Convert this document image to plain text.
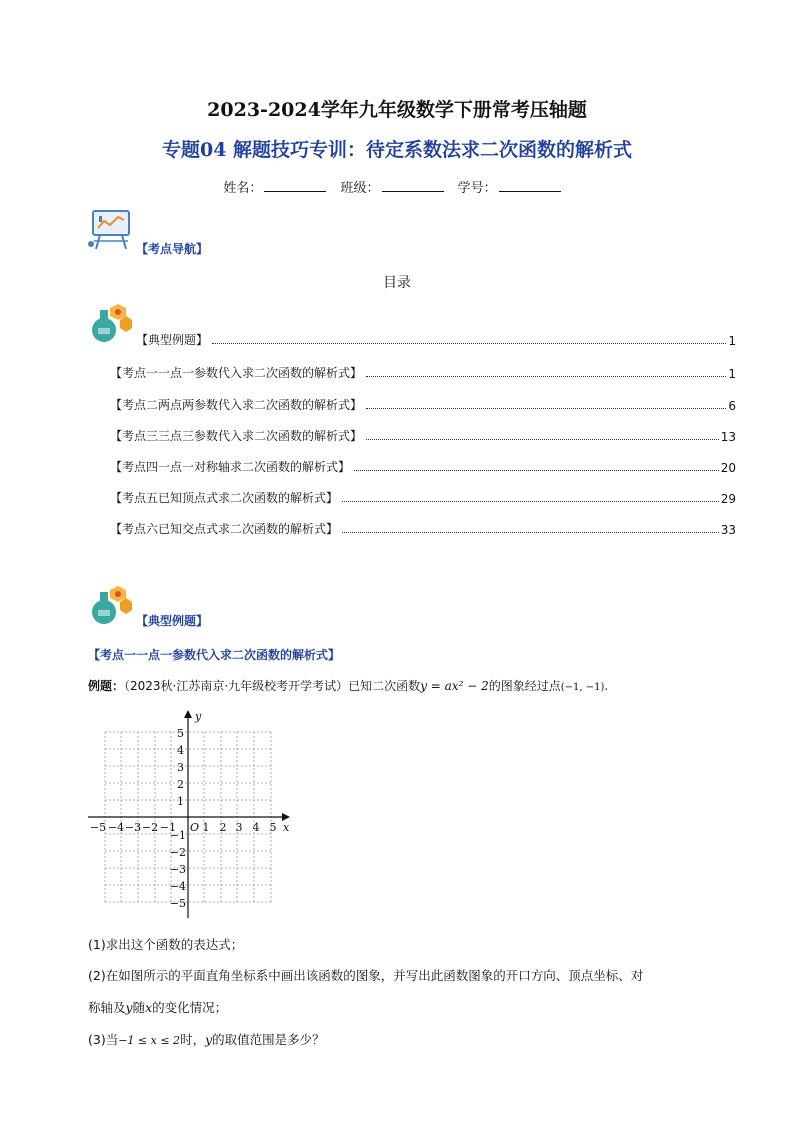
2023-2024学年九年级数学下册常考压轴题
专题04 解题技巧专训：待定系数法求二次函数的解析式
姓名：	班级：	学号：
【考点导航】
目录
【典型例题】	1
【考点一一点一参数代入求二次函数的解析式】	1
【考点二两点两参数代入求二次函数的解析式】	6
【考点三三点三参数代入求二次函数的解析式】	13
【考点四一点一对称轴求二次函数的解析式】	20
【考点五已知顶点式求二次函数的解析式】	29
【考点六已知交点式求二次函数的解析式】	33
【典型例题】
【考点一一点一参数代入求二次函数的解析式】
例题：（2023秋·江苏南京·九年级校考开学考试）已知二次函数y = ax² − 2的图象经过点(−1, −1).
x
y
O
−5 −4 −3 −2 −1 1 2 3 4 5
5
4
3
2
1
−1
−2
−3
−4
−5
(1)求出这个函数的表达式；
(2)在如图所示的平面直角坐标系中画出该函数的图象，并写出此函数图象的开口方向、顶点坐标、对
称轴及y随x的变化情况；
(3)当−1 ≤ x ≤ 2时，y的取值范围是多少？
